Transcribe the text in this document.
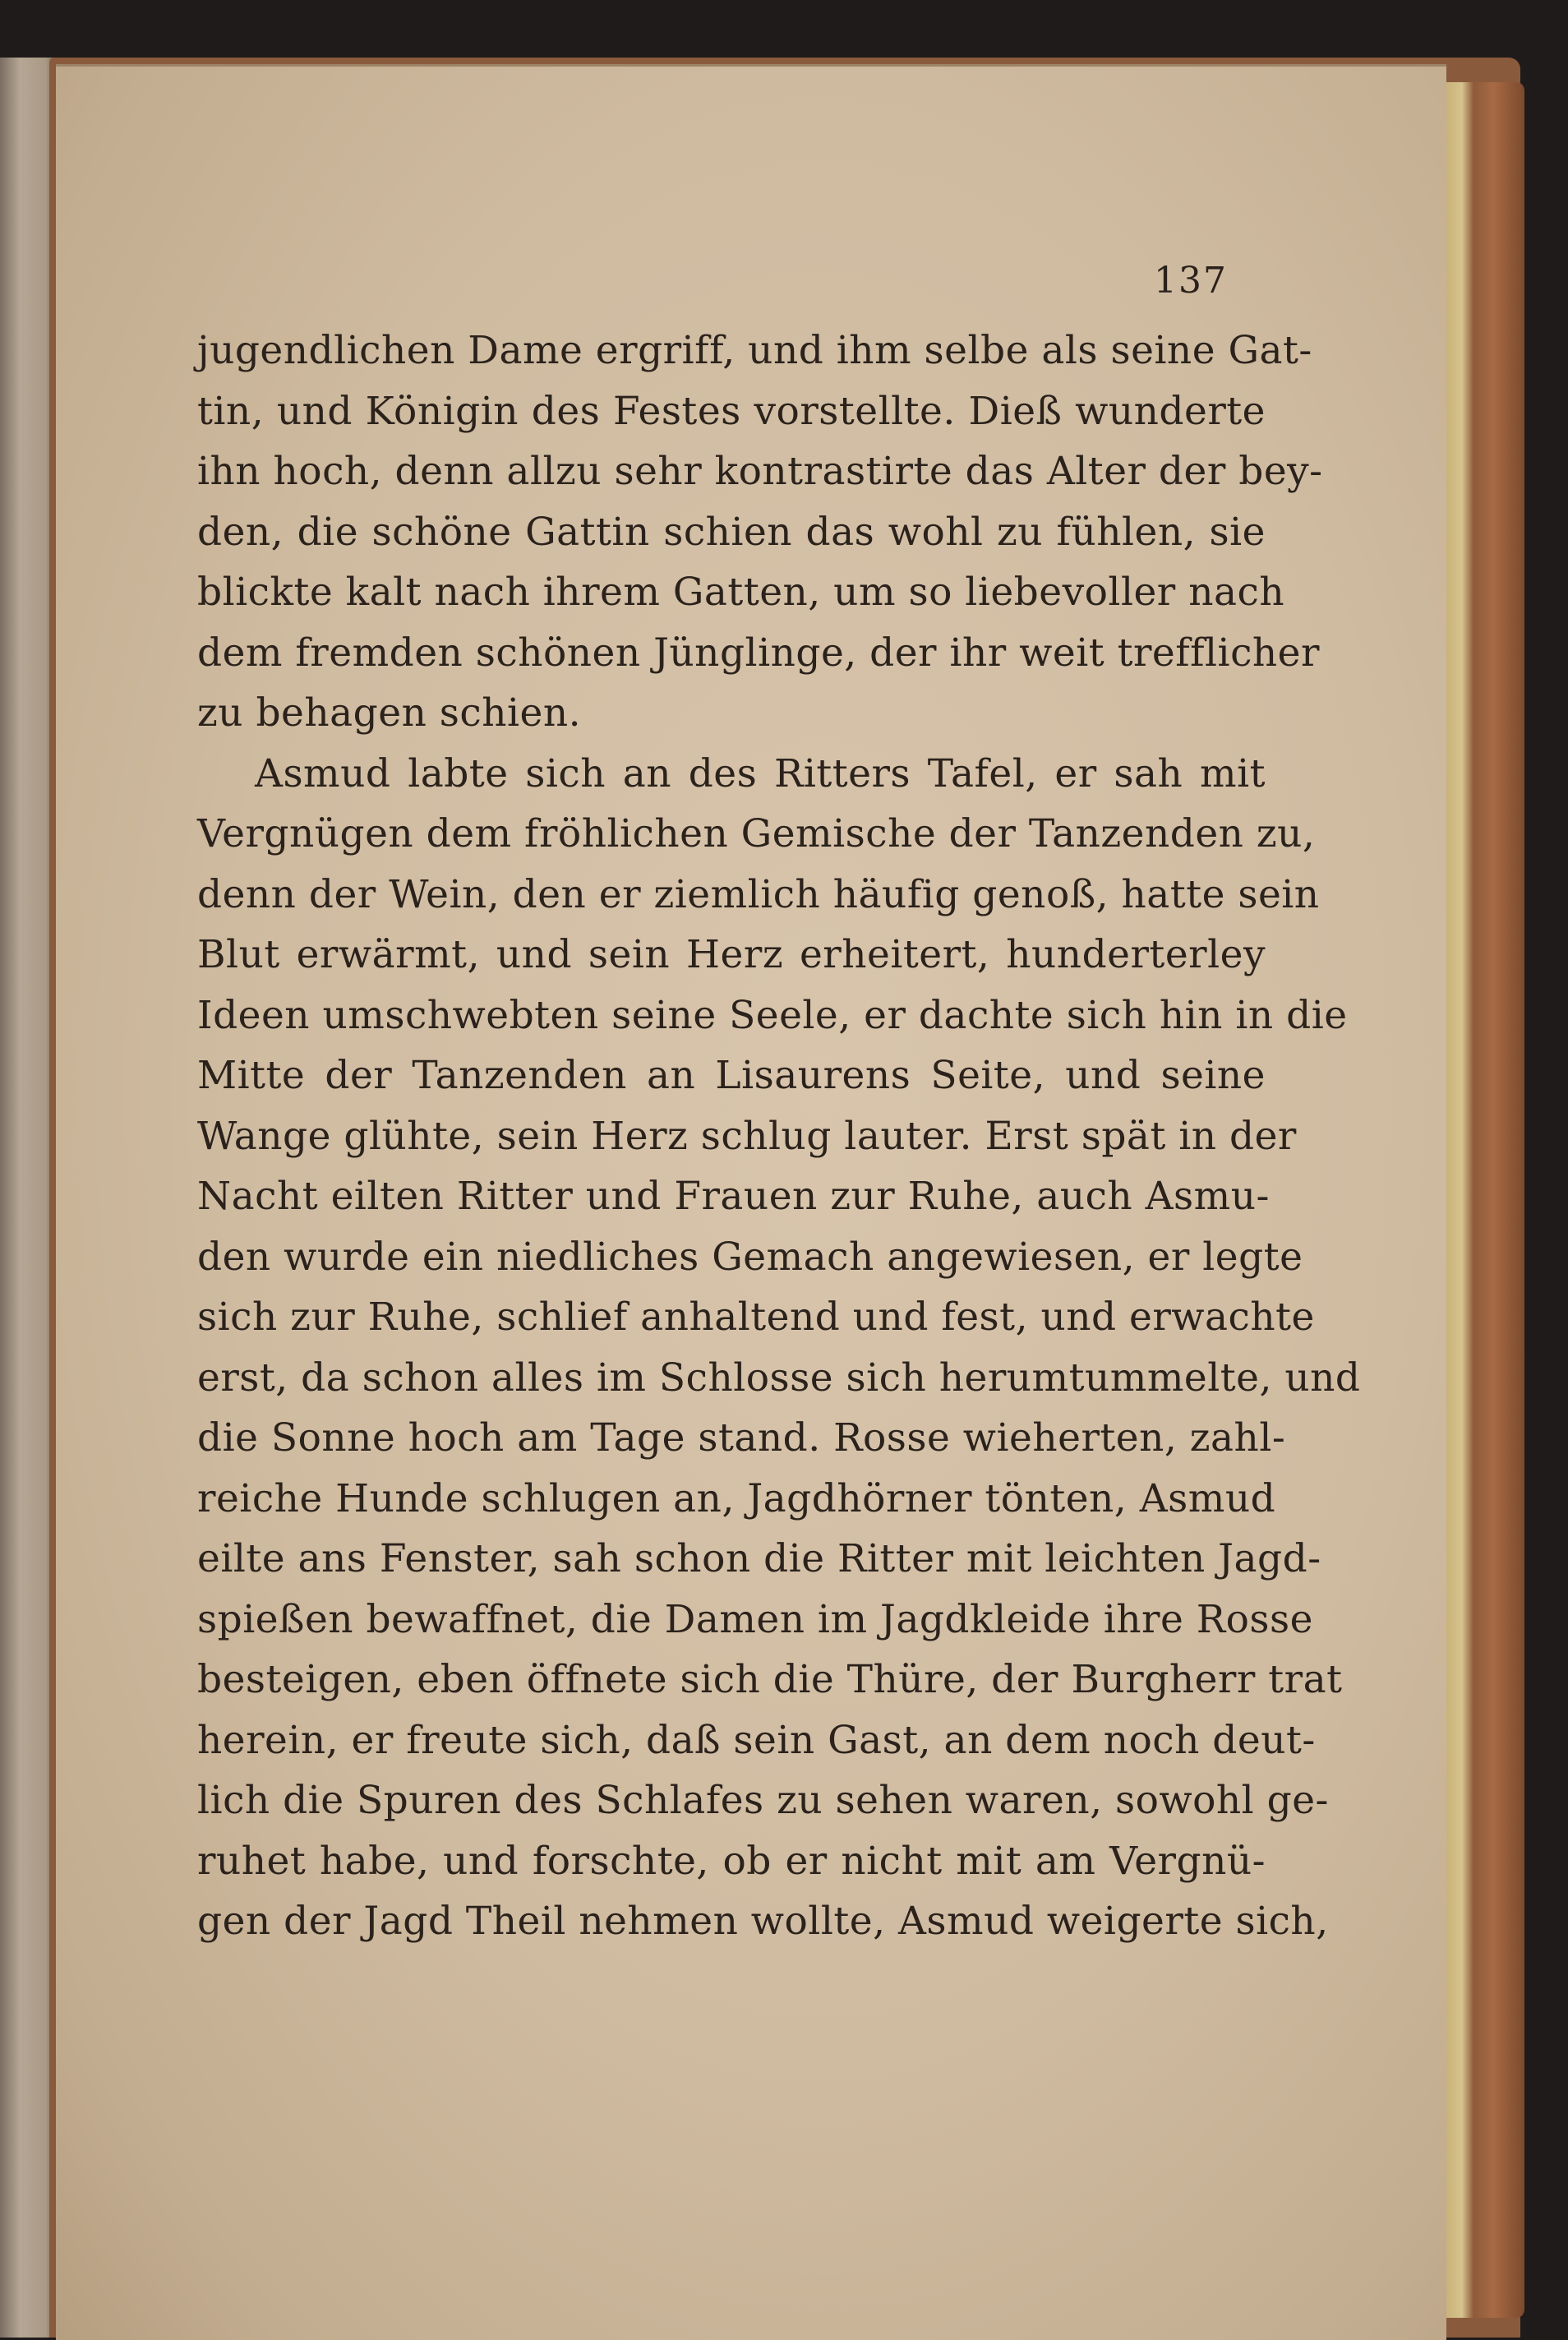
137
jugendlichen Dame ergriff, und ihm selbe als seine Gat-
tin, und Königin des Festes vorstellte. Dieß wunderte
ihn hoch, denn allzu sehr kontrastirte das Alter der bey-
den, die schöne Gattin schien das wohl zu fühlen, sie
blickte kalt nach ihrem Gatten, um so liebevoller nach
dem fremden schönen Jünglinge, der ihr weit trefflicher
zu behagen schien.
Asmud labte sich an des Ritters Tafel, er sah mit
Vergnügen dem fröhlichen Gemische der Tanzenden zu,
denn der Wein, den er ziemlich häufig genoß, hatte sein
Blut erwärmt, und sein Herz erheitert, hunderterley
Ideen umschwebten seine Seele, er dachte sich hin in die
Mitte der Tanzenden an Lisaurens Seite, und seine
Wange glühte, sein Herz schlug lauter. Erst spät in der
Nacht eilten Ritter und Frauen zur Ruhe, auch Asmu-
den wurde ein niedliches Gemach angewiesen, er legte
sich zur Ruhe, schlief anhaltend und fest, und erwachte
erst, da schon alles im Schlosse sich herumtummelte, und
die Sonne hoch am Tage stand. Rosse wieherten, zahl-
reiche Hunde schlugen an, Jagdhörner tönten, Asmud
eilte ans Fenster, sah schon die Ritter mit leichten Jagd-
spießen bewaffnet, die Damen im Jagdkleide ihre Rosse
besteigen, eben öffnete sich die Thüre, der Burgherr trat
herein, er freute sich, daß sein Gast, an dem noch deut-
lich die Spuren des Schlafes zu sehen waren, sowohl ge-
ruhet habe, und forschte, ob er nicht mit am Vergnü-
gen der Jagd Theil nehmen wollte, Asmud weigerte sich,
